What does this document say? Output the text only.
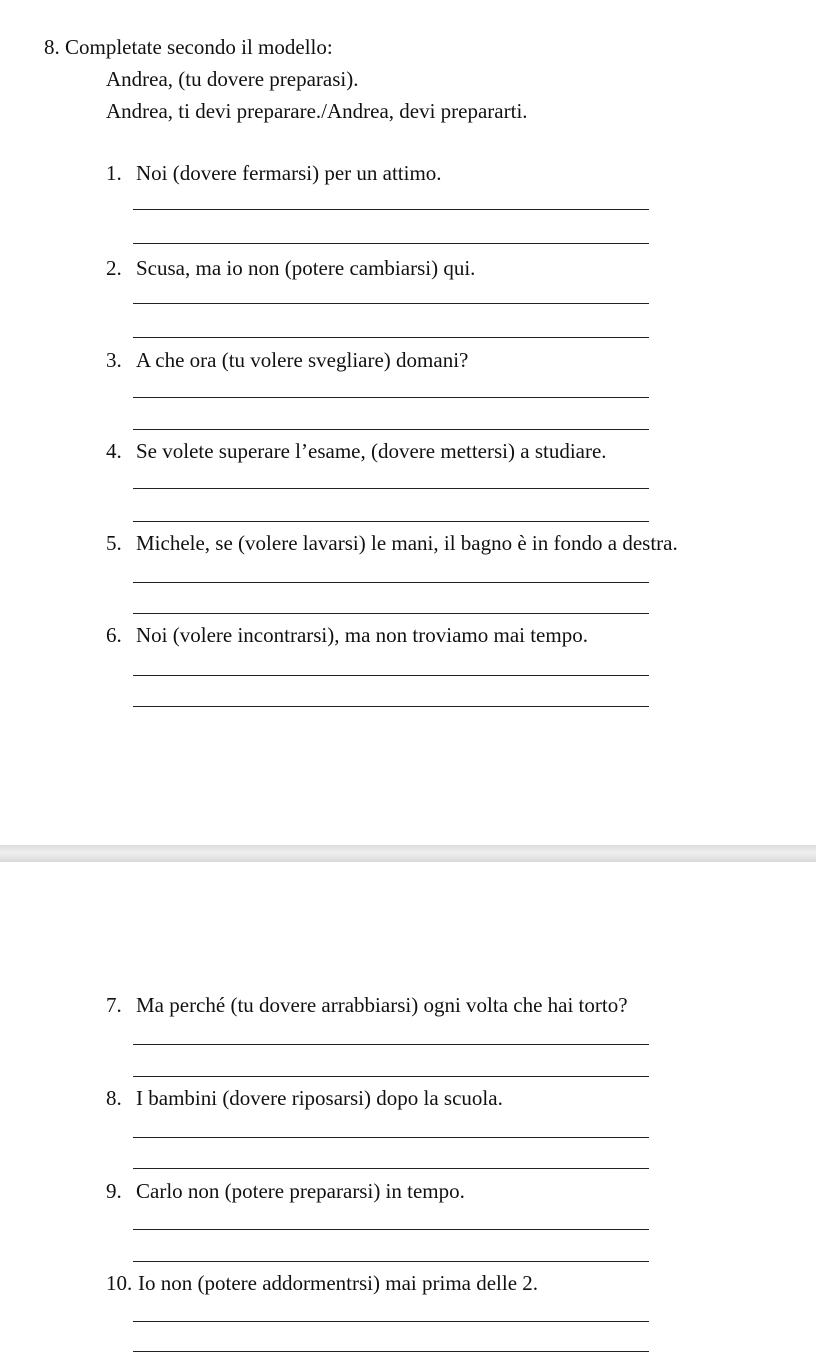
8. Completate secondo il modello:
Andrea, (tu dovere preparasi).
Andrea, ti devi preparare./Andrea, devi prepararti.
1. Noi (dovere fermarsi) per un attimo.
2. Scusa, ma io non (potere cambiarsi) qui.
3. A che ora (tu volere svegliare) domani?
4. Se volete superare l’esame, (dovere mettersi) a studiare.
5. Michele, se (volere lavarsi) le mani, il bagno è in fondo a destra.
6. Noi (volere incontrarsi), ma non troviamo mai tempo.
7. Ma perché (tu dovere arrabbiarsi) ogni volta che hai torto?
8. I bambini (dovere riposarsi) dopo la scuola.
9. Carlo non (potere prepararsi) in tempo.
10. Io non (potere addormentrsi) mai prima delle 2.
